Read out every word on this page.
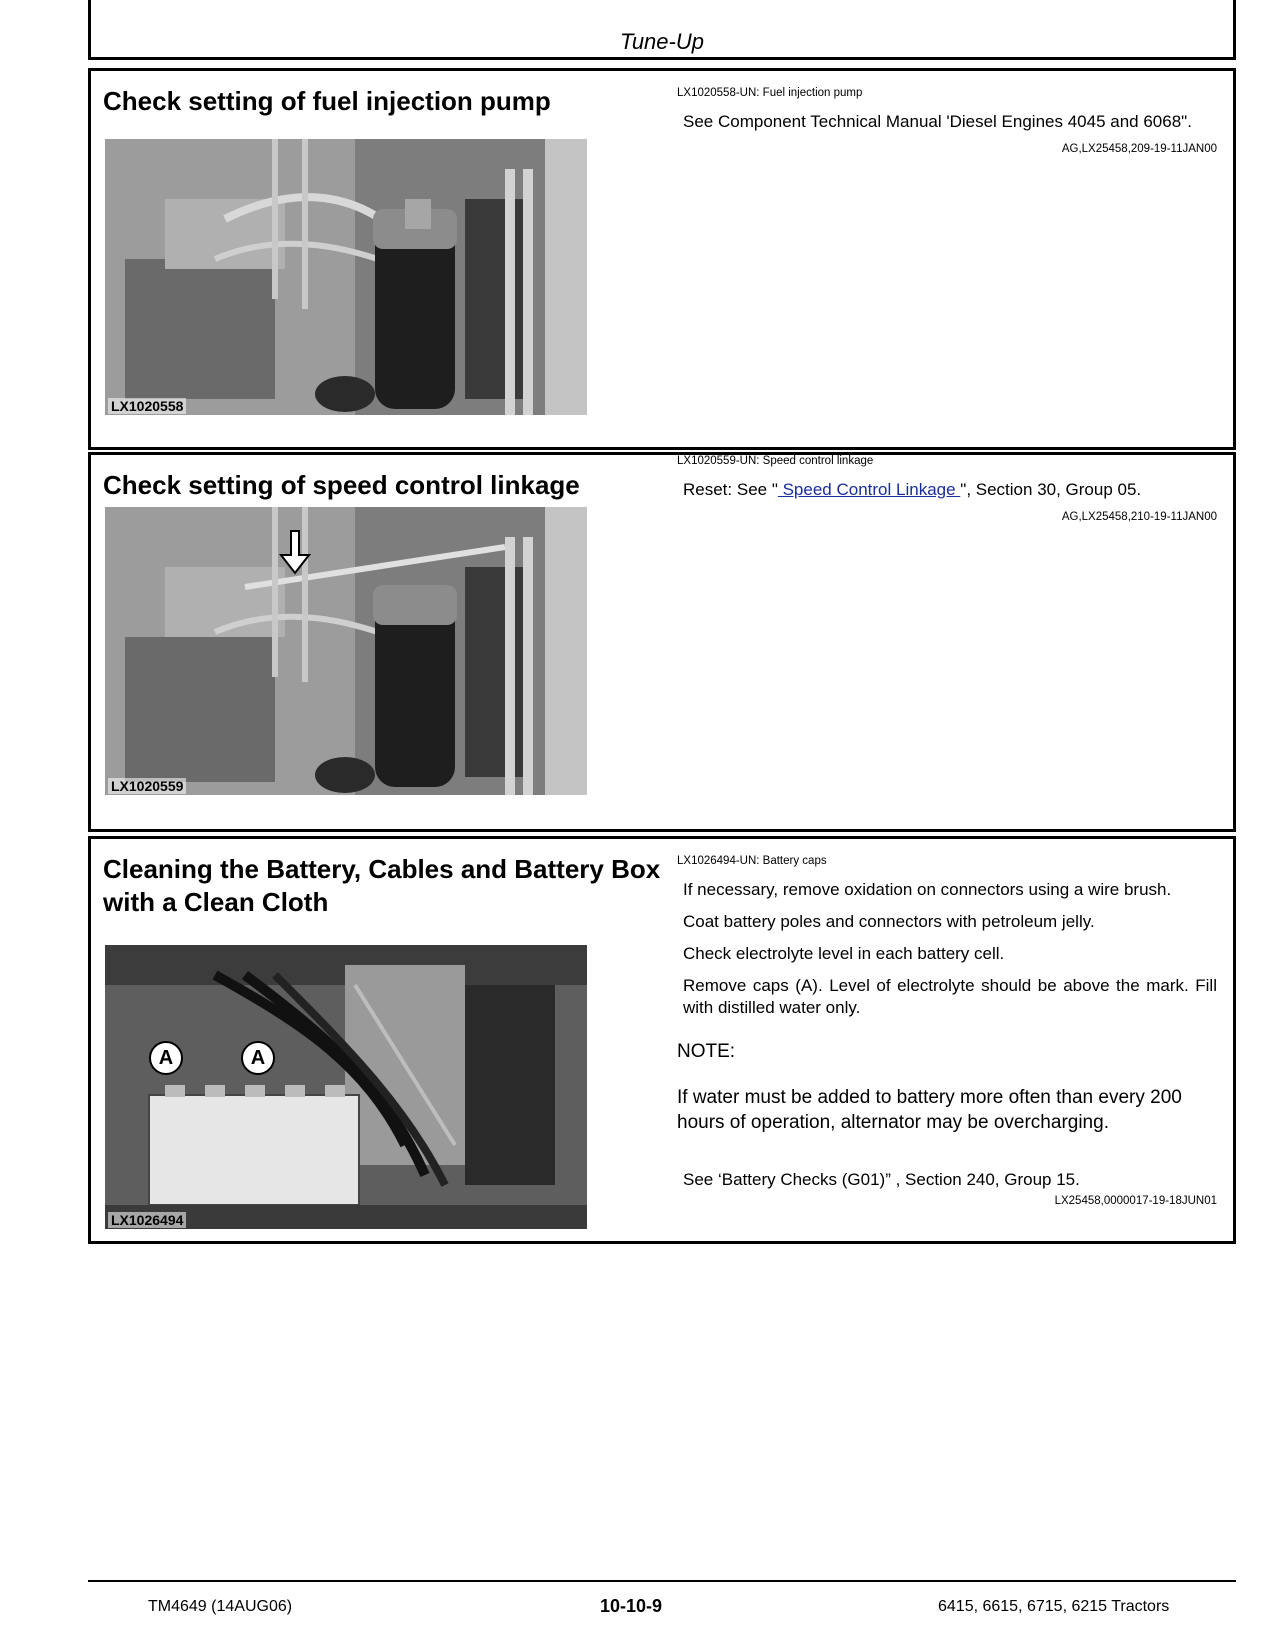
Tune-Up
Check setting of fuel injection pump
LX1020558

LX1020558-UN: Fuel injection pump

See Component Technical Manual 'Diesel Engines 4045 and 6068".

AG,LX25458,209-19-11JAN00

Check setting of speed control linkage
LX1020559

LX1020559-UN: Speed control linkage

Reset: See " Speed Control Linkage ", Section 30, Group 05.

AG,LX25458,210-19-11JAN00

Cleaning the Battery, Cables and Battery Box with a Clean Cloth
LX1026494
A	A

LX1026494-UN: Battery caps

If necessary, remove oxidation on connectors using a wire brush.

Coat battery poles and connectors with petroleum jelly.

Check electrolyte level in each battery cell.

Remove caps (A). Level of electrolyte should be above the mark. Fill with distilled water only.

NOTE:

If water must be added to battery more often than every 200 hours of operation, alternator may be overcharging.

See ‘Battery Checks (G01)” , Section 240, Group 15.

LX25458,0000017-19-18JUN01

TM4649 (14AUG06)	10-10-9	6415, 6615, 6715, 6215 Tractors
